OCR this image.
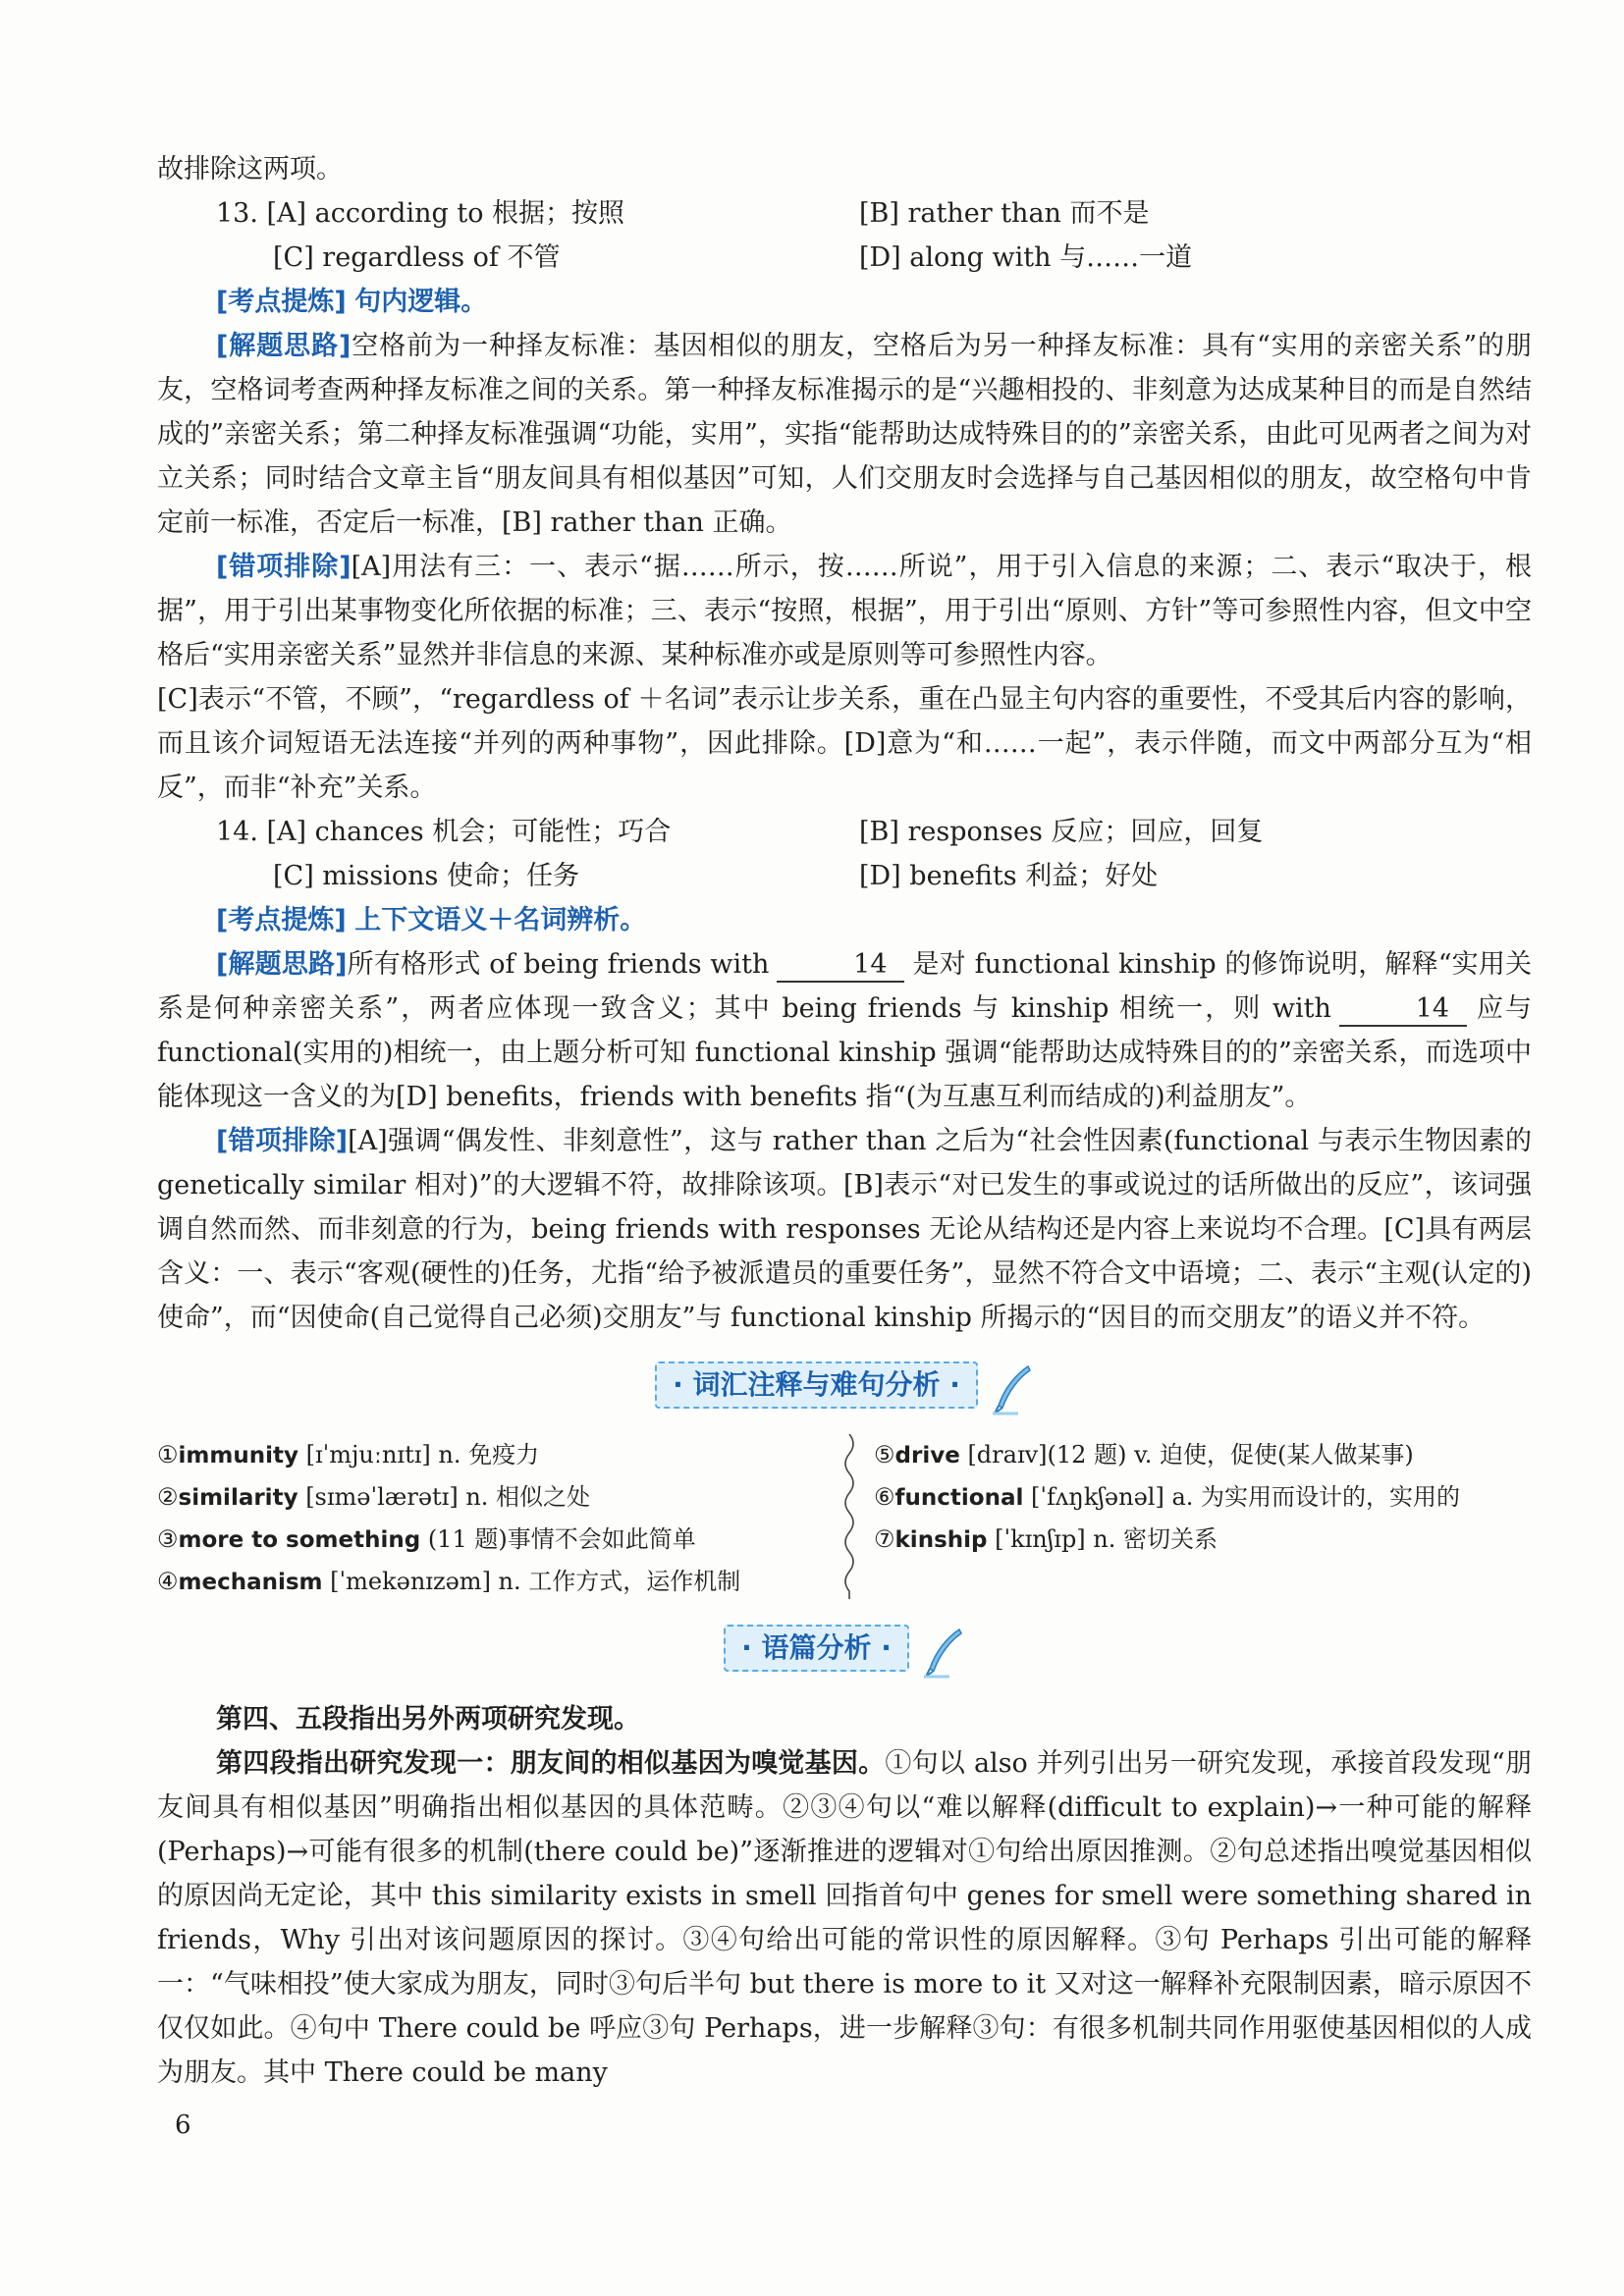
故排除这两项。

13. [A] according to 根据；按照	[B] rather than 而不是
[C] regardless of 不管	[D] along with 与……一道

[考点提炼] 句内逻辑。

[解题思路]空格前为一种择友标准：基因相似的朋友，空格后为另一种择友标准：具有“实用的亲密关系”的朋友，空格词考查两种择友标准之间的关系。第一种择友标准揭示的是“兴趣相投的、非刻意为达成某种目的而是自然结成的”亲密关系；第二种择友标准强调“功能，实用”，实指“能帮助达成特殊目的的”亲密关系，由此可见两者之间为对立关系；同时结合文章主旨“朋友间具有相似基因”可知，人们交朋友时会选择与自己基因相似的朋友，故空格句中肯定前一标准，否定后一标准，[B] rather than 正确。

[错项排除][A]用法有三：一、表示“据……所示，按……所说”，用于引入信息的来源；二、表示“取决于，根据”，用于引出某事物变化所依据的标准；三、表示“按照，根据”，用于引出“原则、方针”等可参照性内容，但文中空格后“实用亲密关系”显然并非信息的来源、某种标准亦或是原则等可参照性内容。

[C]表示“不管，不顾”，“regardless of ＋名词”表示让步关系，重在凸显主句内容的重要性，不受其后内容的影响，而且该介词短语无法连接“并列的两种事物”，因此排除。[D]意为“和……一起”，表示伴随，而文中两部分互为“相反”，而非“补充”关系。

14. [A] chances 机会；可能性；巧合	[B] responses 反应；回应，回复
[C] missions 使命；任务	[D] benefits 利益；好处

[考点提炼] 上下文语义＋名词辨析。

[解题思路]所有格形式 of being friends with	14 是对 functional kinship 的修饰说明，解释“实用关系是何种亲密关系”，两者应体现一致含义；其中 being friends 与 kinship 相统一，则 with	14 应与 functional(实用的)相统一，由上题分析可知 functional kinship 强调“能帮助达成特殊目的的”亲密关系，而选项中能体现这一含义的为[D] benefits，friends with benefits 指“(为互惠互利而结成的)利益朋友”。

[错项排除][A]强调“偶发性、非刻意性”，这与 rather than 之后为“社会性因素(functional 与表示生物因素的 genetically similar 相对)”的大逻辑不符，故排除该项。[B]表示“对已发生的事或说过的话所做出的反应”，该词强调自然而然、而非刻意的行为，being friends with responses 无论从结构还是内容上来说均不合理。[C]具有两层含义：一、表示“客观(硬性的)任务，尤指“给予被派遣员的重要任务”，显然不符合文中语境；二、表示“主观(认定的)使命”，而“因使命(自己觉得自己必须)交朋友”与 functional kinship 所揭示的“因目的而交朋友”的语义并不符。

· 词汇注释与难句分析 ·
①immunity [ɪˈmjuːnɪtɪ] n. 免疫力
②similarity [sɪməˈlærətɪ] n. 相似之处
③more to something (11 题)事情不会如此简单
④mechanism [ˈmekənɪzəm] n. 工作方式，运作机制
⑤drive [draɪv](12 题) v. 迫使，促使(某人做某事)
⑥functional [ˈfʌŋkʃənəl] a. 为实用而设计的，实用的
⑦kinship [ˈkɪnʃɪp] n. 密切关系
· 语篇分析 ·

第四、五段指出另外两项研究发现。

第四段指出研究发现一：朋友间的相似基因为嗅觉基因。①句以 also 并列引出另一研究发现，承接首段发现“朋友间具有相似基因”明确指出相似基因的具体范畴。②③④句以“难以解释(difficult to explain)→一种可能的解释(Perhaps)→可能有很多的机制(there could be)”逐渐推进的逻辑对①句给出原因推测。②句总述指出嗅觉基因相似的原因尚无定论，其中 this similarity exists in smell 回指首句中 genes for smell were something shared in friends，Why 引出对该问题原因的探讨。③④句给出可能的常识性的原因解释。③句 Perhaps 引出可能的解释一：“气味相投”使大家成为朋友，同时③句后半句 but there is more to it 又对这一解释补充限制因素，暗示原因不仅仅如此。④句中 There could be 呼应③句 Perhaps，进一步解释③句：有很多机制共同作用驱使基因相似的人成为朋友。其中 There could be many

6
